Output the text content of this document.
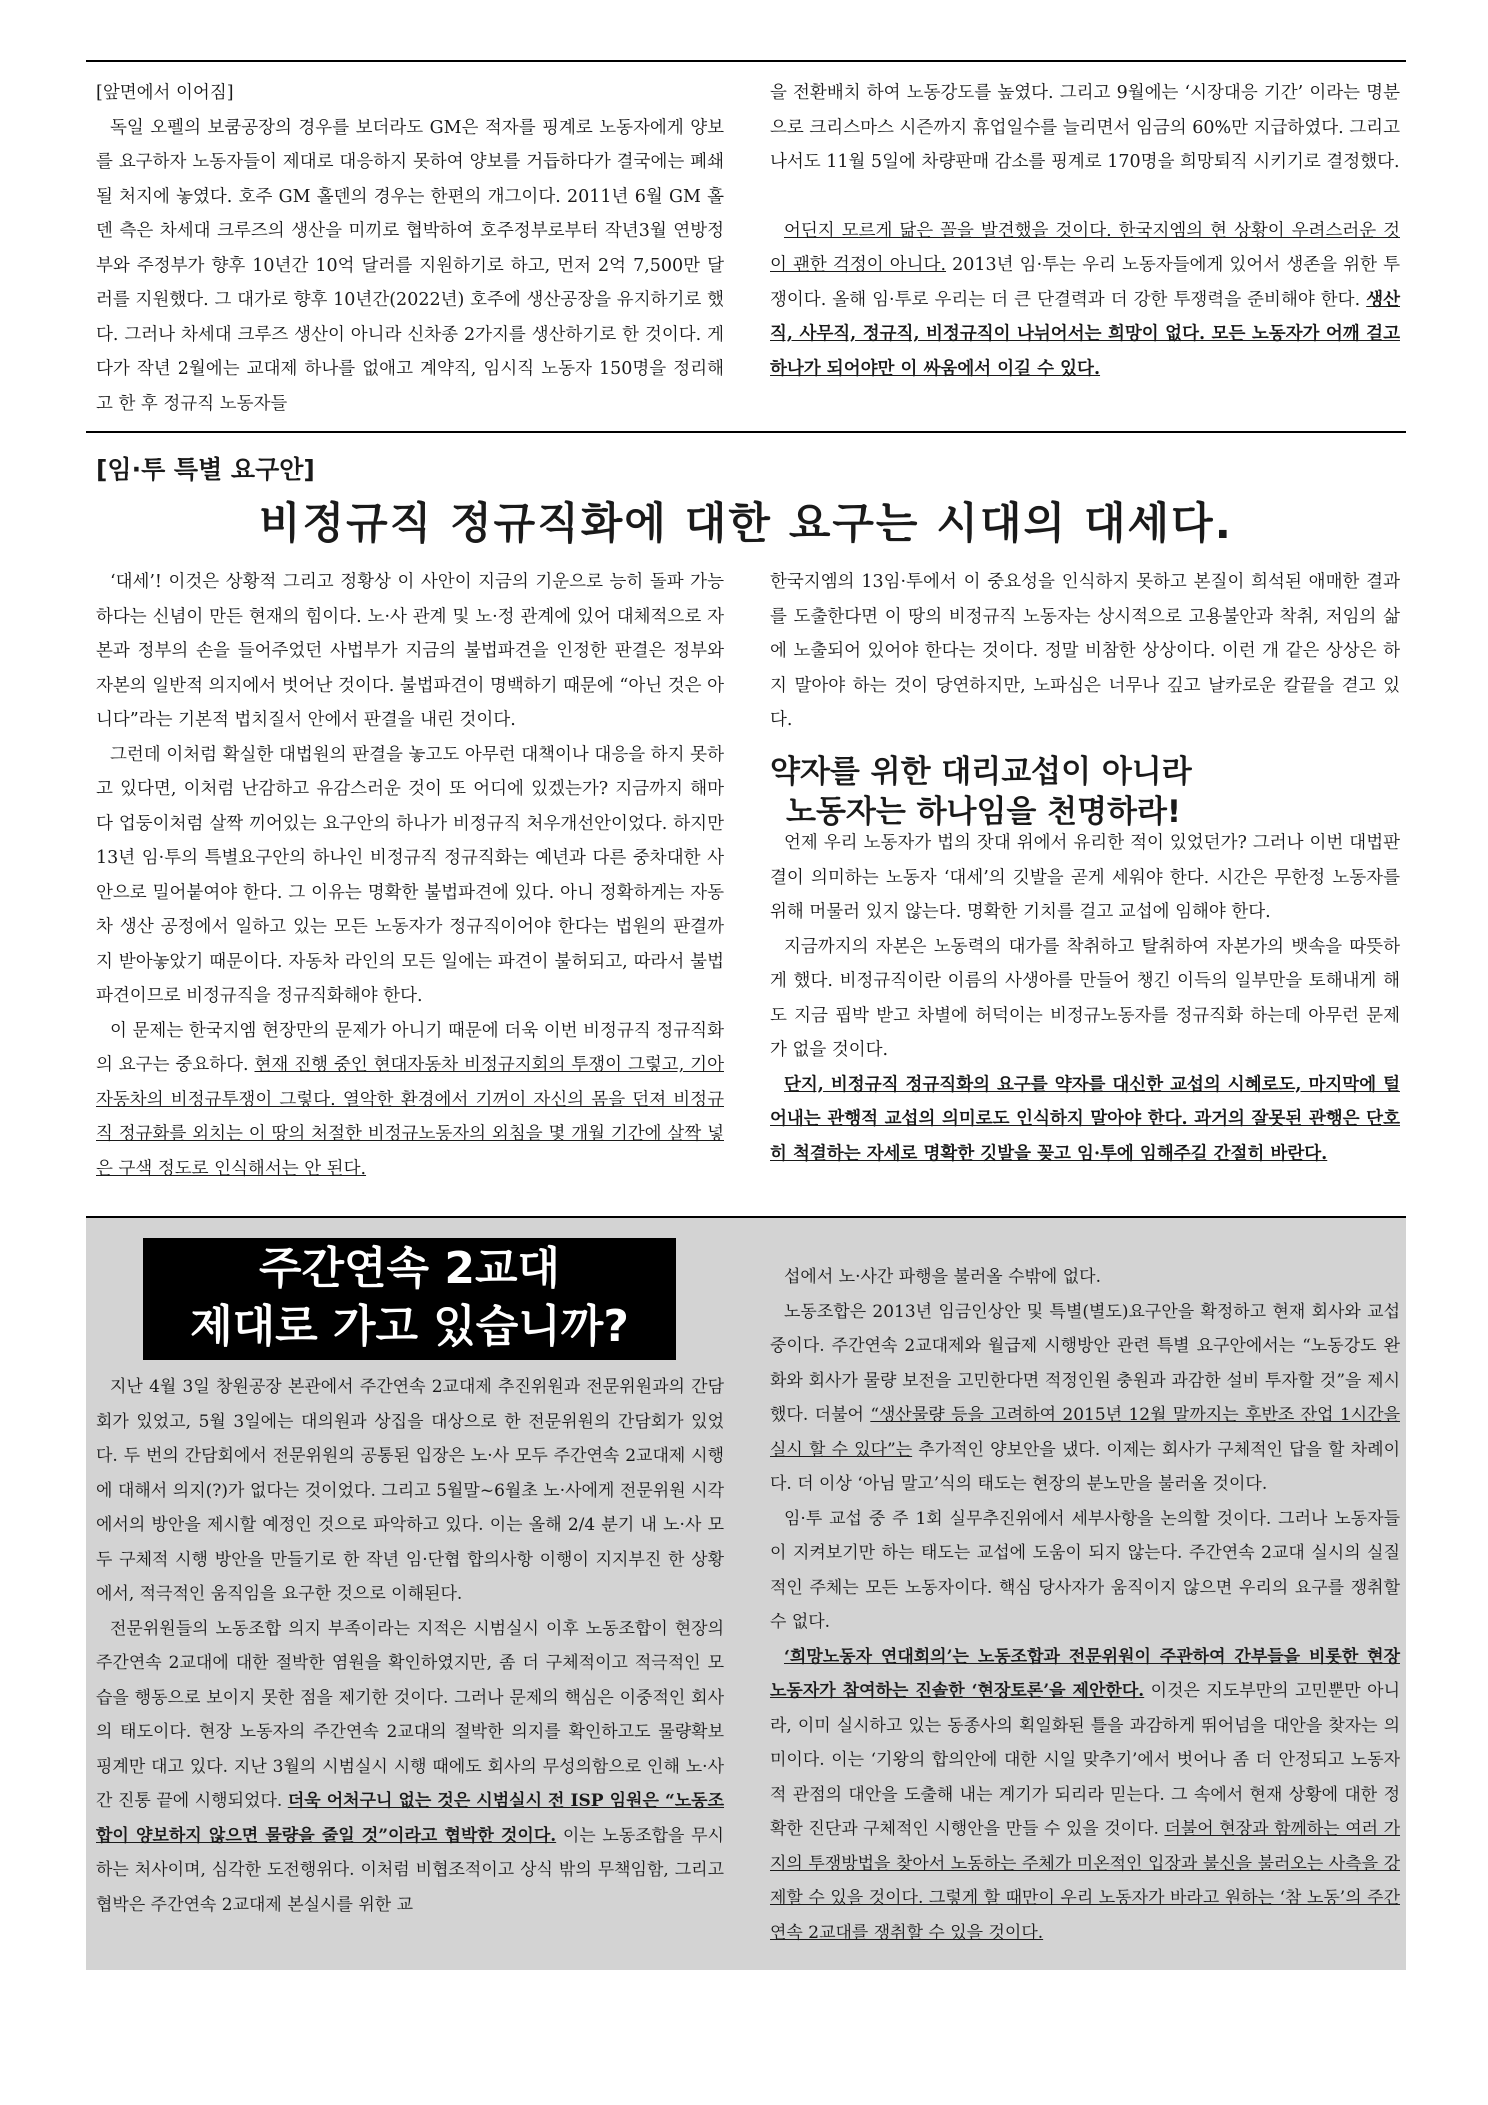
[앞면에서 이어짐]

독일 오펠의 보쿰공장의 경우를 보더라도 GM은 적자를 핑계로 노동자에게 양보를 요구하자 노동자들이 제대로 대응하지 못하여 양보를 거듭하다가 결국에는 폐쇄될 처지에 놓였다. 호주 GM 홀덴의 경우는 한편의 개그이다. 2011년 6월 GM 홀덴 측은 차세대 크루즈의 생산을 미끼로 협박하여 호주정부로부터 작년3월 연방정부와 주정부가 향후 10년간 10억 달러를 지원하기로 하고, 먼저 2억 7,500만 달러를 지원했다. 그 대가로 향후 10년간(2022년) 호주에 생산공장을 유지하기로 했다. 그러나 차세대 크루즈 생산이 아니라 신차종 2가지를 생산하기로 한 것이다. 게다가 작년 2월에는 교대제 하나를 없애고 계약직, 임시직 노동자 150명을 정리해고 한 후 정규직 노동자들

을 전환배치 하여 노동강도를 높였다. 그리고 9월에는 ‘시장대응 기간’ 이라는 명분으로 크리스마스 시즌까지 휴업일수를 늘리면서 임금의 60%만 지급하였다. 그리고 나서도 11월 5일에 차량판매 감소를 핑계로 170명을 희망퇴직 시키기로 결정했다.

어딘지 모르게 닮은 꼴을 발견했을 것이다. 한국지엠의 현 상황이 우려스러운 것이 괜한 걱정이 아니다. 2013년 임·투는 우리 노동자들에게 있어서 생존을 위한 투쟁이다. 올해 임·투로 우리는 더 큰 단결력과 더 강한 투쟁력을 준비해야 한다. 생산직, 사무직, 정규직, 비정규직이 나뉘어서는 희망이 없다. 모든 노동자가 어깨 걸고 하나가 되어야만 이 싸움에서 이길 수 있다.

[임·투 특별 요구안]
비정규직 정규직화에 대한 요구는 시대의 대세다.

‘대세’! 이것은 상황적 그리고 정황상 이 사안이 지금의 기운으로 능히 돌파 가능하다는 신념이 만든 현재의 힘이다. 노·사 관계 및 노·정 관계에 있어 대체적으로 자본과 정부의 손을 들어주었던 사법부가 지금의 불법파견을 인정한 판결은 정부와 자본의 일반적 의지에서 벗어난 것이다. 불법파견이 명백하기 때문에 “아닌 것은 아니다”라는 기본적 법치질서 안에서 판결을 내린 것이다.

그런데 이처럼 확실한 대법원의 판결을 놓고도 아무런 대책이나 대응을 하지 못하고 있다면, 이처럼 난감하고 유감스러운 것이 또 어디에 있겠는가? 지금까지 해마다 업둥이처럼 살짝 끼어있는 요구안의 하나가 비정규직 처우개선안이었다. 하지만 13년 임·투의 특별요구안의 하나인 비정규직 정규직화는 예년과 다른 중차대한 사안으로 밀어붙여야 한다. 그 이유는 명확한 불법파견에 있다. 아니 정확하게는 자동차 생산 공정에서 일하고 있는 모든 노동자가 정규직이어야 한다는 법원의 판결까지 받아놓았기 때문이다. 자동차 라인의 모든 일에는 파견이 불허되고, 따라서 불법파견이므로 비정규직을 정규직화해야 한다.

이 문제는 한국지엠 현장만의 문제가 아니기 때문에 더욱 이번 비정규직 정규직화의 요구는 중요하다. 현재 진행 중인 현대자동차 비정규지회의 투쟁이 그렇고, 기아자동차의 비정규투쟁이 그렇다. 열악한 환경에서 기꺼이 자신의 몸을 던져 비정규직 정규화를 외치는 이 땅의 처절한 비정규노동자의 외침을 몇 개월 기간에 살짝 넣은 구색 정도로 인식해서는 안 된다.

한국지엠의 13임·투에서 이 중요성을 인식하지 못하고 본질이 희석된 애매한 결과를 도출한다면 이 땅의 비정규직 노동자는 상시적으로 고용불안과 착취, 저임의 삶에 노출되어 있어야 한다는 것이다. 정말 비참한 상상이다. 이런 개 같은 상상은 하지 말아야 하는 것이 당연하지만, 노파심은 너무나 깊고 날카로운 칼끝을 겯고 있다.

약자를 위한 대리교섭이 아니라
노동자는 하나임을 천명하라!

언제 우리 노동자가 법의 잣대 위에서 유리한 적이 있었던가? 그러나 이번 대법판결이 의미하는 노동자 ‘대세’의 깃발을 곧게 세워야 한다. 시간은 무한정 노동자를 위해 머물러 있지 않는다. 명확한 기치를 걸고 교섭에 임해야 한다.

지금까지의 자본은 노동력의 대가를 착취하고 탈취하여 자본가의 뱃속을 따뜻하게 했다. 비정규직이란 이름의 사생아를 만들어 챙긴 이득의 일부만을 토해내게 해도 지금 핍박 받고 차별에 허덕이는 비정규노동자를 정규직화 하는데 아무런 문제가 없을 것이다.

단지, 비정규직 정규직화의 요구를 약자를 대신한 교섭의 시혜로도, 마지막에 털어내는 관행적 교섭의 의미로도 인식하지 말아야 한다. 과거의 잘못된 관행은 단호히 척결하는 자세로 명확한 깃발을 꽂고 임·투에 임해주길 간절히 바란다.

주간연속 2교대
제대로 가고 있습니까?

지난 4월 3일 창원공장 본관에서 주간연속 2교대제 추진위원과 전문위원과의 간담회가 있었고, 5월 3일에는 대의원과 상집을 대상으로 한 전문위원의 간담회가 있었다. 두 번의 간담회에서 전문위원의 공통된 입장은 노·사 모두 주간연속 2교대제 시행에 대해서 의지(?)가 없다는 것이었다. 그리고 5월말~6월초 노·사에게 전문위원 시각에서의 방안을 제시할 예정인 것으로 파악하고 있다. 이는 올해 2/4 분기 내 노·사 모두 구체적 시행 방안을 만들기로 한 작년 임·단협 합의사항 이행이 지지부진 한 상황에서, 적극적인 움직임을 요구한 것으로 이해된다.

전문위원들의 노동조합 의지 부족이라는 지적은 시범실시 이후 노동조합이 현장의 주간연속 2교대에 대한 절박한 염원을 확인하였지만, 좀 더 구체적이고 적극적인 모습을 행동으로 보이지 못한 점을 제기한 것이다. 그러나 문제의 핵심은 이중적인 회사의 태도이다. 현장 노동자의 주간연속 2교대의 절박한 의지를 확인하고도 물량확보 핑계만 대고 있다. 지난 3월의 시범실시 시행 때에도 회사의 무성의함으로 인해 노·사간 진통 끝에 시행되었다. 더욱 어처구니 없는 것은 시범실시 전 ISP 임원은 “노동조합이 양보하지 않으면 물량을 줄일 것”이라고 협박한 것이다. 이는 노동조합을 무시하는 처사이며, 심각한 도전행위다. 이처럼 비협조적이고 상식 밖의 무책임함, 그리고 협박은 주간연속 2교대제 본실시를 위한 교

섭에서 노·사간 파행을 불러올 수밖에 없다.

노동조합은 2013년 임금인상안 및 특별(별도)요구안을 확정하고 현재 회사와 교섭중이다. 주간연속 2교대제와 월급제 시행방안 관련 특별 요구안에서는 “노동강도 완화와 회사가 물량 보전을 고민한다면 적정인원 충원과 과감한 설비 투자할 것”을 제시했다. 더불어 “생산물량 등을 고려하여 2015년 12월 말까지는 후반조 잔업 1시간을 실시 할 수 있다”는 추가적인 양보안을 냈다. 이제는 회사가 구체적인 답을 할 차례이다. 더 이상 ‘아님 말고’식의 태도는 현장의 분노만을 불러올 것이다.

임·투 교섭 중 주 1회 실무추진위에서 세부사항을 논의할 것이다. 그러나 노동자들이 지켜보기만 하는 태도는 교섭에 도움이 되지 않는다. 주간연속 2교대 실시의 실질적인 주체는 모든 노동자이다. 핵심 당사자가 움직이지 않으면 우리의 요구를 쟁취할 수 없다.

‘희망노동자 연대회의’는 노동조합과 전문위원이 주관하여 간부들을 비롯한 현장 노동자가 참여하는 진솔한 ‘현장토론’을 제안한다. 이것은 지도부만의 고민뿐만 아니라, 이미 실시하고 있는 동종사의 획일화된 틀을 과감하게 뛰어넘을 대안을 찾자는 의미이다. 이는 ‘기왕의 합의안에 대한 시일 맞추기’에서 벗어나 좀 더 안정되고 노동자적 관점의 대안을 도출해 내는 계기가 되리라 믿는다. 그 속에서 현재 상황에 대한 정확한 진단과 구체적인 시행안을 만들 수 있을 것이다. 더불어 현장과 함께하는 여러 가지의 투쟁방법을 찾아서 노동하는 주체가 미온적인 입장과 불신을 불러오는 사측을 강제할 수 있을 것이다. 그렇게 할 때만이 우리 노동자가 바라고 원하는 ‘참 노동’의 주간 연속 2교대를 쟁취할 수 있을 것이다.
